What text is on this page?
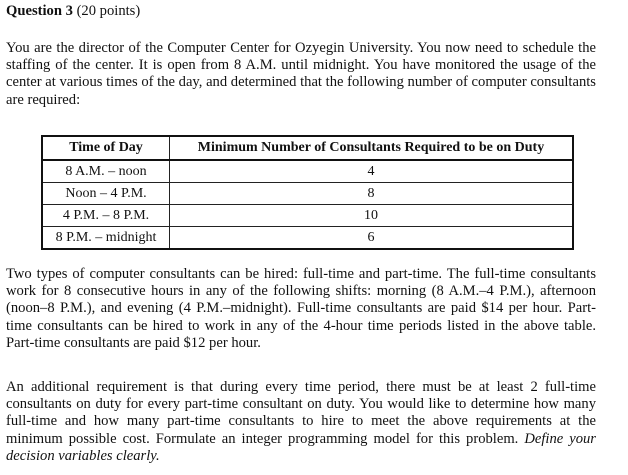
Question 3 (20 points)

You are the director of the Computer Center for Ozyegin University. You now need to schedule the staffing of the center. It is open from 8 A.M. until midnight. You have monitored the usage of the center at various times of the day, and determined that the following number of computer consultants are required:

Time of Day	Minimum Number of Consultants Required to be on Duty
8 A.M. – noon	4
Noon – 4 P.M.	8
4 P.M. – 8 P.M.	10
8 P.M. – midnight	6

Two types of computer consultants can be hired: full-time and part-time. The full-time consultants work for 8 consecutive hours in any of the following shifts: morning (8 A.M.–4 P.M.), afternoon (noon–8 P.M.), and evening (4 P.M.–midnight). Full-time consultants are paid $14 per hour. Part-time consultants can be hired to work in any of the 4-hour time periods listed in the above table. Part-time consultants are paid $12 per hour.

An additional requirement is that during every time period, there must be at least 2 full-time consultants on duty for every part-time consultant on duty. You would like to determine how many full-time and how many part-time consultants to hire to meet the above requirements at the minimum possible cost. Formulate an integer programming model for this problem. Define your decision variables clearly.
